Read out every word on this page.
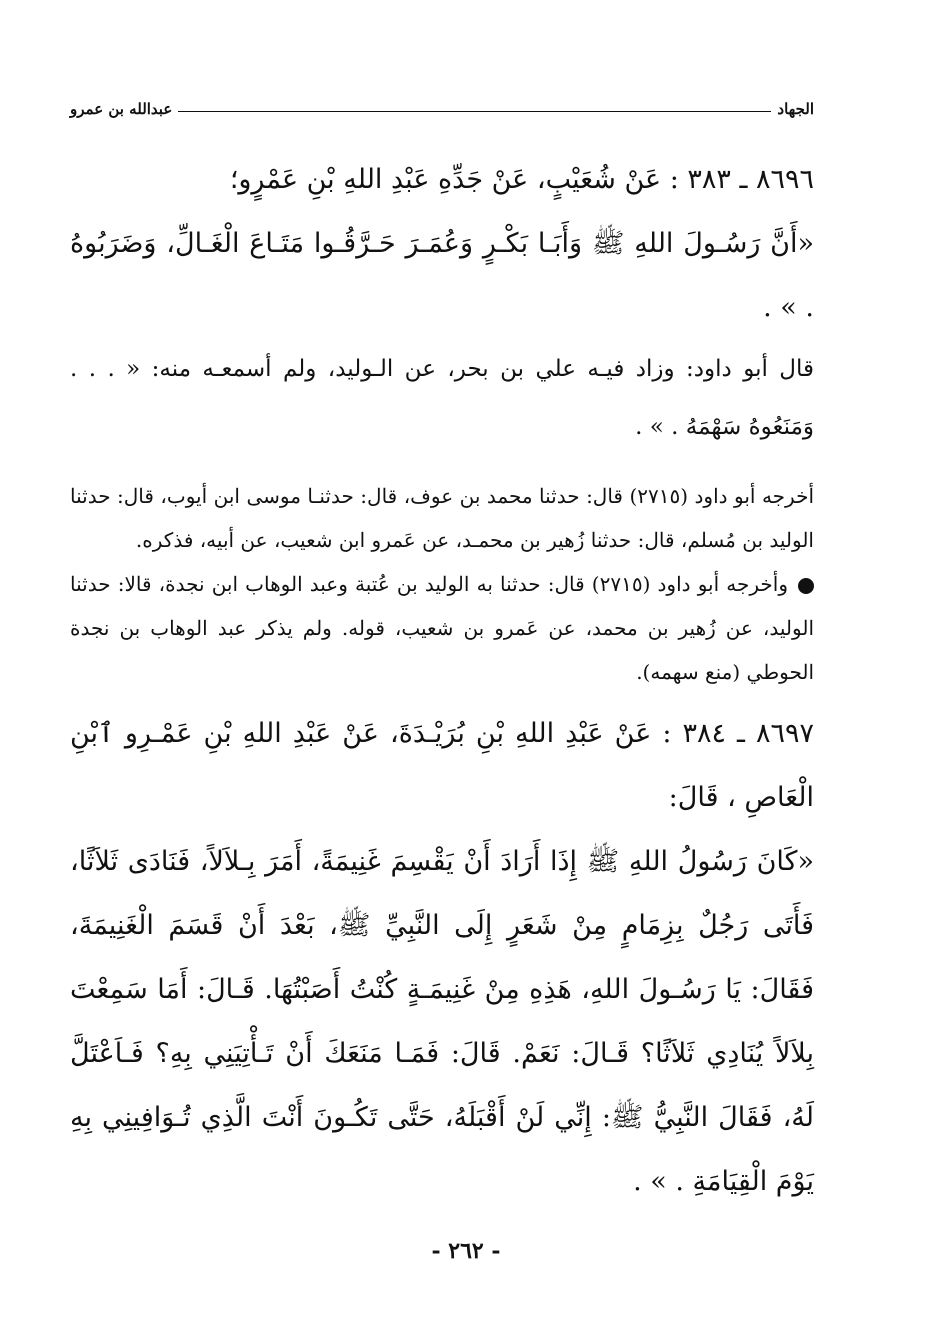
الجهاد
عبدالله بن عمرو

٨٦٩٦ ـ ٣٨٣ : عَنْ شُعَيْبٍ، عَنْ جَدِّهِ عَبْدِ اللهِ بْنِ عَمْرٍو؛

«أَنَّ رَسُـولَ اللهِ ﷺ وَأَبَـا بَكْـرٍ وَعُمَـرَ حَـرَّقُـوا مَتَـاعَ الْغَـالِّ، وَضَرَبُوهُ . » .

قال أبو داود: وزاد فيـه علي بن بحر، عن الـوليد، ولم أسمعـه منه: « . . . وَمَنَعُوهُ سَهْمَهُ . » .

أخرجه أبو داود (٢٧١٥) قال: حدثنا محمد بن عوف، قال: حدثنـا موسى ابن أيوب، قال: حدثنا الوليد بن مُسلم، قال: حدثنا زُهير بن محمـد، عن عَمرو ابن شعيب، عن أبيه، فذكره.

وأخرجه أبو داود (٢٧١٥) قال: حدثنا به الوليد بن عُتبة وعبد الوهاب ابن نجدة، قالا: حدثنا الوليد، عن زُهير بن محمد، عن عَمرو بن شعيب، قوله. ولم يذكر عبد الوهاب بن نجدة الحوطي (منع سهمه).

٨٦٩٧ ـ ٣٨٤ : عَنْ عَبْدِ اللهِ بْنِ بُرَيْـدَةَ، عَنْ عَبْدِ اللهِ بْنِ عَمْـرِو ٱبْنِ الْعَاصِ ، قَالَ:

«كَانَ رَسُولُ اللهِ ﷺ إِذَا أَرَادَ أَنْ يَقْسِمَ غَنِيمَةً، أَمَرَ بِـلاَلاً، فَنَادَى ثَلاَثًا، فَأَتَى رَجُلٌ بِزِمَامٍ مِنْ شَعَرٍ إِلَى النَّبِيِّ ﷺ، بَعْدَ أَنْ قَسَمَ الْغَنِيمَةَ، فَقَالَ: يَا رَسُـولَ اللهِ، هَذِهِ مِنْ غَنِيمَـةٍ كُنْتُ أَصَبْتُهَا. قَـالَ: أَمَا سَمِعْتَ بِلاَلاً يُنَادِي ثَلاَثًا؟ قَـالَ: نَعَمْ. قَالَ: فَمَـا مَنَعَكَ أَنْ تَـأْتِيَنِي بِهِ؟ فَـاَعْتَلَّ لَهُ، فَقَالَ النَّبِيُّ ﷺ: إِنِّي لَنْ أَقْبَلَهُ، حَتَّى تَكُـونَ أَنْتَ الَّذِي تُـوَافِينِي بِهِ يَوْمَ الْقِيَامَةِ . » .

- ٢٦٢ -
